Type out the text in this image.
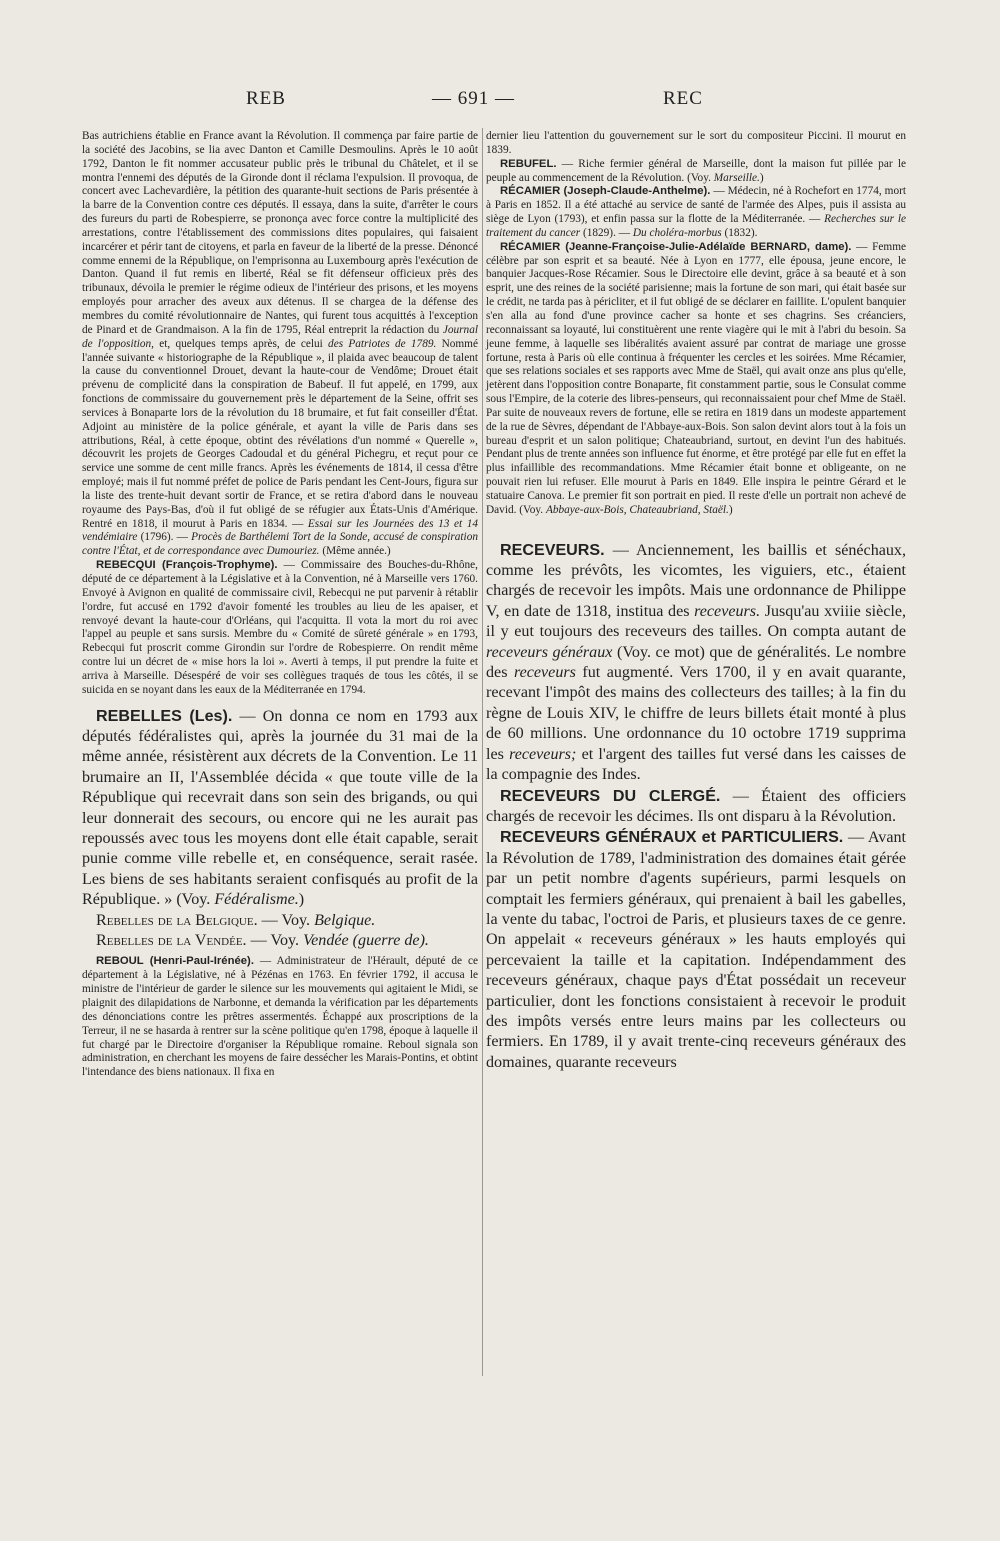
REB	— 691 —	REC

Bas autrichiens établie en France avant la Révolution. Il commença par faire partie de la société des Jacobins, se lia avec Danton et Camille Desmoulins. Après le 10 août 1792, Danton le fit nommer accusateur public près le tribunal du Châtelet, et il se montra l'ennemi des députés de la Gironde dont il réclama l'expulsion. Il provoqua, de concert avec Lachevardière, la pétition des quarante-huit sections de Paris présentée à la barre de la Convention contre ces députés. Il essaya, dans la suite, d'arrêter le cours des fureurs du parti de Robespierre, se prononça avec force contre la multiplicité des arrestations, contre l'établissement des commissions dites populaires, qui faisaient incarcérer et périr tant de citoyens, et parla en faveur de la liberté de la presse. Dénoncé comme ennemi de la République, on l'emprisonna au Luxembourg après l'exécution de Danton. Quand il fut remis en liberté, Réal se fit défenseur officieux près des tribunaux, dévoila le premier le régime odieux de l'intérieur des prisons, et les moyens employés pour arracher des aveux aux détenus. Il se chargea de la défense des membres du comité révolutionnaire de Nantes, qui furent tous acquittés à l'exception de Pinard et de Grandmaison. A la fin de 1795, Réal entreprit la rédaction du Journal de l'opposition, et, quelques temps après, de celui des Patriotes de 1789. Nommé l'année suivante « historiographe de la République », il plaida avec beaucoup de talent la cause du conventionnel Drouet, devant la haute-cour de Vendôme; Drouet était prévenu de complicité dans la conspiration de Babeuf. Il fut appelé, en 1799, aux fonctions de commissaire du gouvernement près le département de la Seine, offrit ses services à Bonaparte lors de la révolution du 18 brumaire, et fut fait conseiller d'État. Adjoint au ministère de la police générale, et ayant la ville de Paris dans ses attributions, Réal, à cette époque, obtint des révélations d'un nommé « Querelle », découvrit les projets de Georges Cadoudal et du général Pichegru, et reçut pour ce service une somme de cent mille francs. Après les événements de 1814, il cessa d'être employé; mais il fut nommé préfet de police de Paris pendant les Cent-Jours, figura sur la liste des trente-huit devant sortir de France, et se retira d'abord dans le nouveau royaume des Pays-Bas, d'où il fut obligé de se réfugier aux États-Unis d'Amérique. Rentré en 1818, il mourut à Paris en 1834. — Essai sur les Journées des 13 et 14 vendémiaire (1796). — Procès de Barthélemi Tort de la Sonde, accusé de conspiration contre l'État, et de correspondance avec Dumouriez. (Même année.)

REBECQUI (François-Trophyme). — Commissaire des Bouches-du-Rhône, député de ce département à la Législative et à la Convention, né à Marseille vers 1760. Envoyé à Avignon en qualité de commissaire civil, Rebecqui ne put parvenir à rétablir l'ordre, fut accusé en 1792 d'avoir fomenté les troubles au lieu de les apaiser, et renvoyé devant la haute-cour d'Orléans, qui l'acquitta. Il vota la mort du roi avec l'appel au peuple et sans sursis. Membre du « Comité de sûreté générale » en 1793, Rebecqui fut proscrit comme Girondin sur l'ordre de Robespierre. On rendit même contre lui un décret de « mise hors la loi ». Averti à temps, il put prendre la fuite et arriva à Marseille. Désespéré de voir ses collègues traqués de tous les côtés, il se suicida en se noyant dans les eaux de la Méditerranée en 1794.

REBELLES (Les). — On donna ce nom en 1793 aux députés fédéralistes qui, après la journée du 31 mai de la même année, résistèrent aux décrets de la Convention. Le 11 brumaire an II, l'Assemblée décida « que toute ville de la République qui recevrait dans son sein des brigands, ou qui leur donnerait des secours, ou encore qui ne les aurait pas repoussés avec tous les moyens dont elle était capable, serait punie comme ville rebelle et, en conséquence, serait rasée. Les biens de ses habitants seraient confisqués au profit de la République. » (Voy. Fédéralisme.)

Rebelles de la Belgique. — Voy. Belgique.

Rebelles de la Vendée. — Voy. Vendée (guerre de).

REBOUL (Henri-Paul-Irénée). — Administrateur de l'Hérault, député de ce département à la Législative, né à Pézénas en 1763. En février 1792, il accusa le ministre de l'intérieur de garder le silence sur les mouvements qui agitaient le Midi, se plaignit des dilapidations de Narbonne, et demanda la vérification par les départements des dénonciations contre les prêtres assermentés. Échappé aux proscriptions de la Terreur, il ne se hasarda à rentrer sur la scène politique qu'en 1798, époque à laquelle il fut chargé par le Directoire d'organiser la République romaine. Reboul signala son administration, en cherchant les moyens de faire dessécher les Marais-Pontins, et obtint l'intendance des biens nationaux. Il fixa en

dernier lieu l'attention du gouvernement sur le sort du compositeur Piccini. Il mourut en 1839.

REBUFEL. — Riche fermier général de Marseille, dont la maison fut pillée par le peuple au commencement de la Révolution. (Voy. Marseille.)

RÉCAMIER (Joseph-Claude-Anthelme). — Médecin, né à Rochefort en 1774, mort à Paris en 1852. Il a été attaché au service de santé de l'armée des Alpes, puis il assista au siège de Lyon (1793), et enfin passa sur la flotte de la Méditerranée. — Recherches sur le traitement du cancer (1829). — Du choléra-morbus (1832).

RÉCAMIER (Jeanne-Françoise-Julie-Adélaïde BERNARD, dame). — Femme célèbre par son esprit et sa beauté. Née à Lyon en 1777, elle épousa, jeune encore, le banquier Jacques-Rose Récamier. Sous le Directoire elle devint, grâce à sa beauté et à son esprit, une des reines de la société parisienne; mais la fortune de son mari, qui était basée sur le crédit, ne tarda pas à péricliter, et il fut obligé de se déclarer en faillite. L'opulent banquier s'en alla au fond d'une province cacher sa honte et ses chagrins. Ses créanciers, reconnaissant sa loyauté, lui constituèrent une rente viagère qui le mit à l'abri du besoin. Sa jeune femme, à laquelle ses libéralités avaient assuré par contrat de mariage une grosse fortune, resta à Paris où elle continua à fréquenter les cercles et les soirées. Mme Récamier, que ses relations sociales et ses rapports avec Mme de Staël, qui avait onze ans plus qu'elle, jetèrent dans l'opposition contre Bonaparte, fit constamment partie, sous le Consulat comme sous l'Empire, de la coterie des libres-penseurs, qui reconnaissaient pour chef Mme de Staël. Par suite de nouveaux revers de fortune, elle se retira en 1819 dans un modeste appartement de la rue de Sèvres, dépendant de l'Abbaye-aux-Bois. Son salon devint alors tout à la fois un bureau d'esprit et un salon politique; Chateaubriand, surtout, en devint l'un des habitués. Pendant plus de trente années son influence fut énorme, et être protégé par elle fut en effet la plus infaillible des recommandations. Mme Récamier était bonne et obligeante, on ne pouvait rien lui refuser. Elle mourut à Paris en 1849. Elle inspira le peintre Gérard et le statuaire Canova. Le premier fit son portrait en pied. Il reste d'elle un portrait non achevé de David. (Voy. Abbaye-aux-Bois, Chateaubriand, Staël.)

RECEVEURS. — Anciennement, les baillis et sénéchaux, comme les prévôts, les vicomtes, les viguiers, etc., étaient chargés de recevoir les impôts. Mais une ordonnance de Philippe V, en date de 1318, institua des receveurs. Jusqu'au xviiie siècle, il y eut toujours des receveurs des tailles. On compta autant de receveurs généraux (Voy. ce mot) que de généralités. Le nombre des receveurs fut augmenté. Vers 1700, il y en avait quarante, recevant l'impôt des mains des collecteurs des tailles; à la fin du règne de Louis XIV, le chiffre de leurs billets était monté à plus de 60 millions. Une ordonnance du 10 octobre 1719 supprima les receveurs; et l'argent des tailles fut versé dans les caisses de la compagnie des Indes.

RECEVEURS DU CLERGÉ. — Étaient des officiers chargés de recevoir les décimes. Ils ont disparu à la Révolution.

RECEVEURS GÉNÉRAUX et PARTICULIERS. — Avant la Révolution de 1789, l'administration des domaines était gérée par un petit nombre d'agents supérieurs, parmi lesquels on comptait les fermiers généraux, qui prenaient à bail les gabelles, la vente du tabac, l'octroi de Paris, et plusieurs taxes de ce genre. On appelait « receveurs généraux » les hauts employés qui percevaient la taille et la capitation. Indépendamment des receveurs généraux, chaque pays d'État possédait un receveur particulier, dont les fonctions consistaient à recevoir le produit des impôts versés entre leurs mains par les collecteurs ou fermiers. En 1789, il y avait trente-cinq receveurs généraux des domaines, quarante receveurs
